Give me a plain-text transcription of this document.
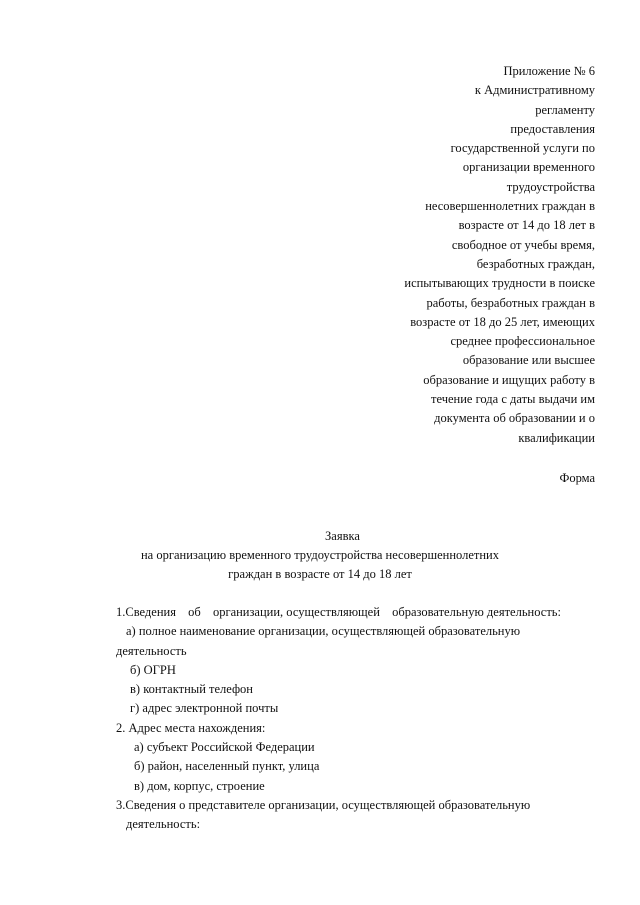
Приложение № 6
к Административному
регламенту
предоставления
государственной услуги по
организации временного
трудоустройства
несовершеннолетних граждан в
возрасте от 14 до 18 лет в
свободное от учебы время,
безработных граждан,
испытывающих трудности в поиске
работы, безработных граждан в
возрасте от 18 до 25 лет, имеющих
среднее профессиональное
образование или высшее
образование и ищущих работу в
течение года с даты выдачи им
документа об образовании и о
квалификации
Форма
Заявка
на организацию временного трудоустройства несовершеннолетних
граждан в возрасте от 14 до 18 лет
1.Сведения об организации, осуществляющей образовательную деятельность:
а) полное наименование организации, осуществляющей образовательную
деятельность
б) ОГРН
в) контактный телефон
г) адрес электронной почты
2. Адрес места нахождения:
а) субъект Российской Федерации
б) район, населенный пункт, улица
в) дом, корпус, строение
3.Сведения о представителе организации, осуществляющей образовательную
деятельность:
